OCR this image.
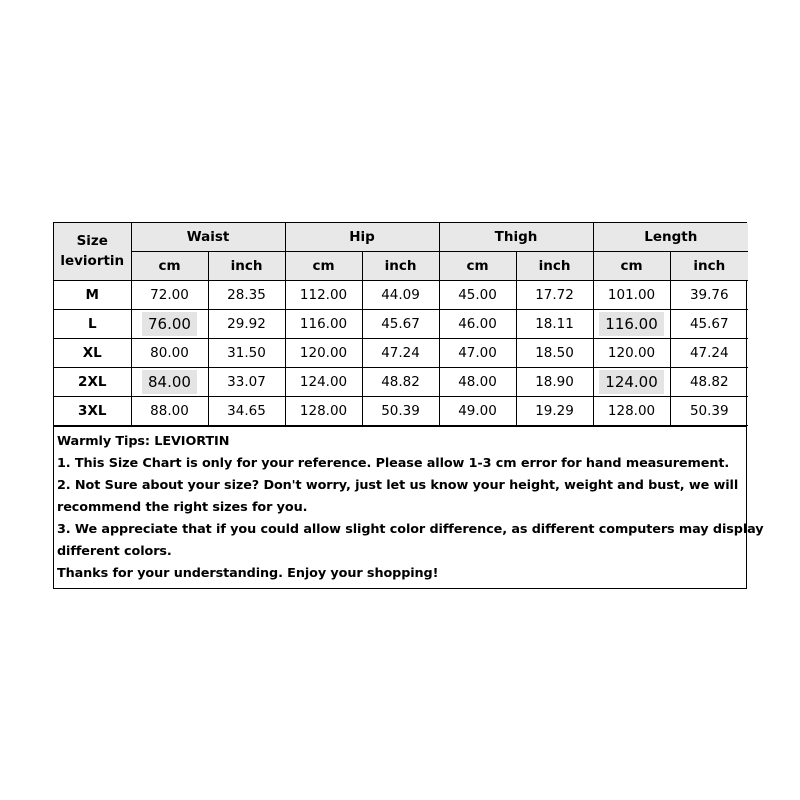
Size
leviortin	Waist		Hip		Thigh		Length	
	cm	inch	cm	inch	cm	inch	cm	inch
M	72.00	28.35	112.00	44.09	45.00	17.72	101.00	39.76
L	76.00	29.92	116.00	45.67	46.00	18.11	116.00	45.67
XL	80.00	31.50	120.00	47.24	47.00	18.50	120.00	47.24
2XL	84.00	33.07	124.00	48.82	48.00	18.90	124.00	48.82
3XL	88.00	34.65	128.00	50.39	49.00	19.29	128.00	50.39
Warmly Tips: LEVIORTIN
1. This Size Chart is only for your reference. Please allow 1-3 cm error for hand measurement.
2. Not Sure about your size? Don't worry, just let us know your height, weight and bust, we will
recommend the right sizes for you.
3. We appreciate that if you could allow slight color difference, as different computers may display
different colors.
Thanks for your understanding. Enjoy your shopping!
